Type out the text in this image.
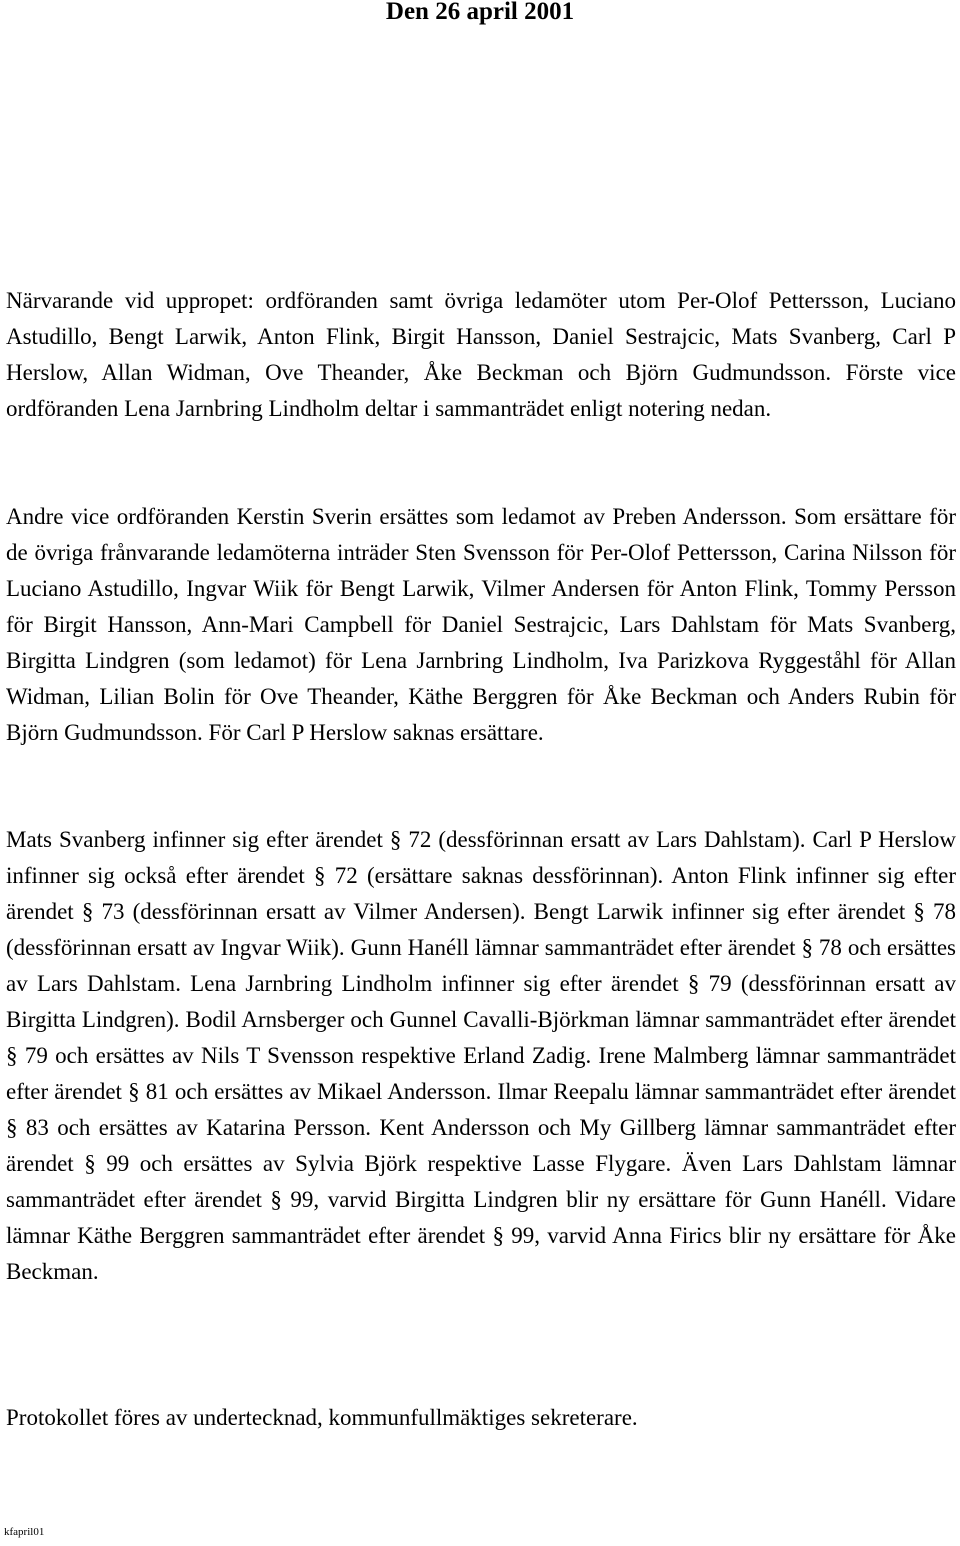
Den 26 april 2001

Närvarande vid uppropet: ordföranden samt övriga ledamöter utom Per-Olof Pettersson, Luciano Astudillo, Bengt Larwik, Anton Flink, Birgit Hansson, Daniel Sestrajcic, Mats Svanberg, Carl P Herslow, Allan Widman, Ove Theander, Åke Beckman och Björn Gudmundsson. Förste vice ordföranden Lena Jarnbring Lindholm deltar i sammanträdet enligt notering nedan.

Andre vice ordföranden Kerstin Sverin ersättes som ledamot av Preben Andersson. Som ersättare för de övriga frånvarande ledamöterna inträder Sten Svensson för Per-Olof Pettersson, Carina Nilsson för Luciano Astudillo, Ingvar Wiik för Bengt Larwik, Vilmer Andersen för Anton Flink, Tommy Persson för Birgit Hansson, Ann-Mari Campbell för Daniel Sestrajcic, Lars Dahlstam för Mats Svanberg, Birgitta Lindgren (som ledamot) för Lena Jarnbring Lindholm, Iva Parizkova Ryggeståhl för Allan Widman, Lilian Bolin för Ove Theander, Käthe Berggren för Åke Beckman och Anders Rubin för Björn Gudmundsson. För Carl P Herslow saknas ersättare.

Mats Svanberg infinner sig efter ärendet § 72 (dessförinnan ersatt av Lars Dahlstam). Carl P Herslow infinner sig också efter ärendet § 72 (ersättare saknas dessförinnan). Anton Flink infinner sig efter ärendet § 73 (dessförinnan ersatt av Vilmer Andersen). Bengt Larwik infinner sig efter ärendet § 78 (dessförinnan ersatt av Ingvar Wiik). Gunn Hanéll lämnar sammanträdet efter ärendet § 78 och ersättes av Lars Dahlstam. Lena Jarnbring Lindholm infinner sig efter ärendet § 79 (dessförinnan ersatt av Birgitta Lindgren). Bodil Arnsberger och Gunnel Cavalli-Björkman lämnar sammanträdet efter ärendet § 79 och ersättes av Nils T Svensson respektive Erland Zadig. Irene Malmberg lämnar sammanträdet efter ärendet § 81 och ersättes av Mikael Andersson. Ilmar Reepalu lämnar sammanträdet efter ärendet § 83 och ersättes av Katarina Persson. Kent Andersson och My Gillberg lämnar sammanträdet efter ärendet § 99 och ersättes av Sylvia Björk respektive Lasse Flygare. Även Lars Dahlstam lämnar sammanträdet efter ärendet § 99, varvid Birgitta Lindgren blir ny ersättare för Gunn Hanéll. Vidare lämnar Käthe Berggren sammanträdet efter ärendet § 99, varvid Anna Firics blir ny ersättare för Åke Beckman.

Protokollet föres av undertecknad, kommunfullmäktiges sekreterare.

kfapril01
